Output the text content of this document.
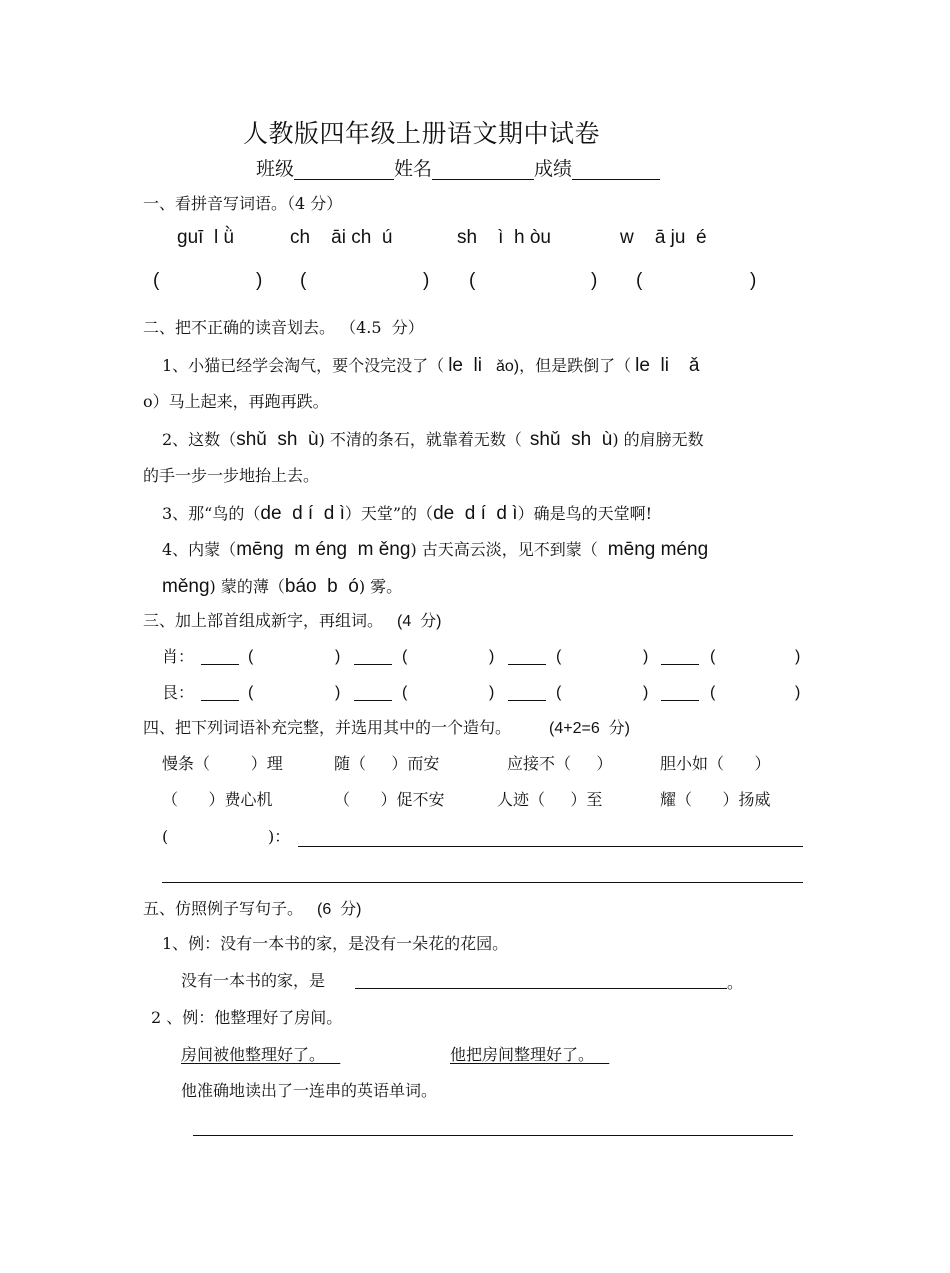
人教版四年级上册语文期中试卷
班级	姓名	成绩
一、看拼音写词语。（4 分）
guī  l ǜ	ch    āi ch  ú	sh    ì  h òu	w    ā ju  é
(	) (	) (	) (	)
二、把不正确的读音划去。 （4.5  分）
1、小猫已经学会淘气，要个没完没了（ le  li ǎo)，但是跌倒了（ le  li ǎ
o）马上起来，再跑再跌。
2、这数（shǔ  sh  ù) 不清的条石，就靠着无数（ shǔ  sh  ù) 的肩膀无数
的手一步一步地抬上去。
3、那“鸟的（de  d í  d ì）天堂”的（de  d í  d ì）确是鸟的天堂啊!
4、内蒙（mēng  m éng  m ěng) 古天高云淡，见不到蒙（ mēng méng
měng) 蒙的薄（báo  b  ó) 雾。
三、加上部首组成新字，再组词。 (4  分)
肖：	(	)	(	)	(	)	(	)
艮：	(	)	(	)	(	)	(	)
四、把下列词语补充完整，并选用其中的一个造句。 (4+2=6  分)
慢条（        ）理	随（     ）而安	应接不（     ）	胆小如（      ）
（      ）费心机	（      ）促不安	人迹（     ）至	耀（      ）扬威
(	)：
五、仿照例子写句子。 (6  分)
1、例：没有一本书的家，是没有一朵花的花园。
没有一本书的家，是	。
2 、例：他整理好了房间。
房间被他整理好了。	他把房间整理好了。
他准确地读出了一连串的英语单词。
